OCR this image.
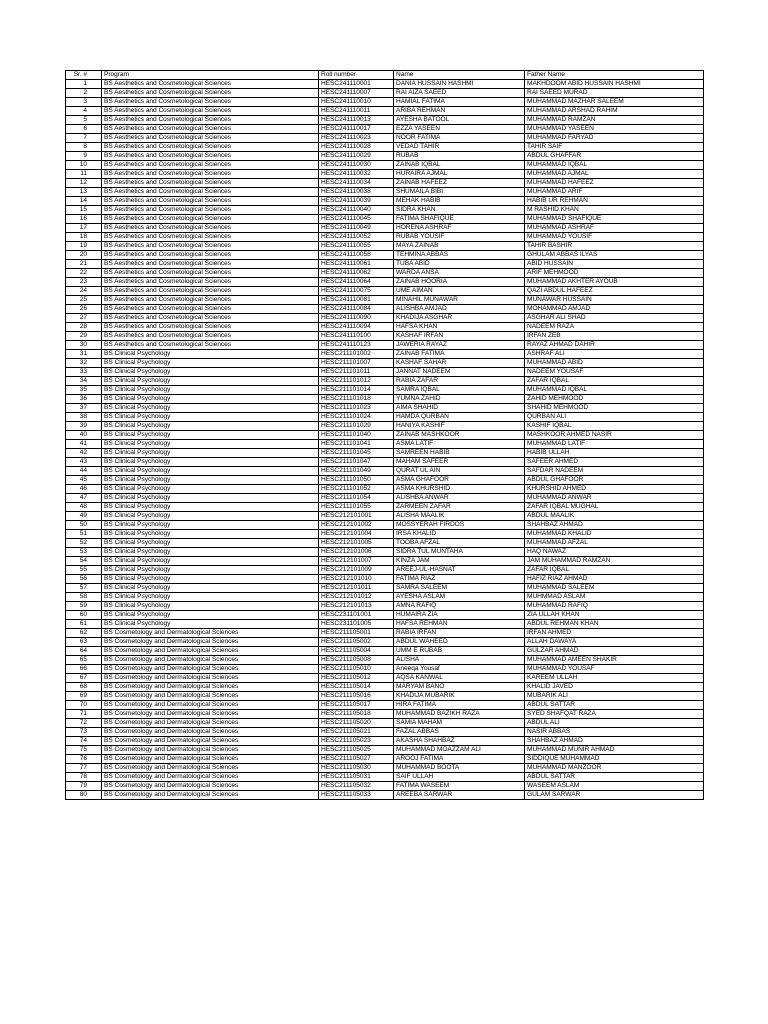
Sr. #	Program	Roll number	Name	Father Name
1	BS Aesthetics and Cosmetological Sciences	HESC241110001	DANIA HUSSAIN HASHMI	MAKHDOOM ABID HUSSAIN HASHMI
2	BS Aesthetics and Cosmetological Sciences	HESC241110007	RAI AIZA SAEED	RAI SAEED MURAD
3	BS Aesthetics and Cosmetological Sciences	HESC241110010	HAMIAL FATIMA	MUHAMMAD MAZHAR SALEEM
4	BS Aesthetics and Cosmetological Sciences	HESC241110011	ARIBA REHMAN	MUHAMMAD ARSHAD RAHIM
5	BS Aesthetics and Cosmetological Sciences	HESC241110013	AYESHA BATOOL	MUHAMMAD RAMZAN
6	BS Aesthetics and Cosmetological Sciences	HESC241110017	EZZA YASEEN	MUHAMMAD YASEEN
7	BS Aesthetics and Cosmetological Sciences	HESC241110023	NOOR FATIMA	MUHAMMAD FARYAD
8	BS Aesthetics and Cosmetological Sciences	HESC241110028	VEDAD TAHIR	TAHIR SAIF
9	BS Aesthetics and Cosmetological Sciences	HESC241110029	RUBAB	ABDUL GHAFFAR
10	BS Aesthetics and Cosmetological Sciences	HESC241110030	ZAINAB IQBAL	MUHAMMAD IQBAL
11	BS Aesthetics and Cosmetological Sciences	HESC241110032	HURAIRA AJMAL	MUHAMMAD AJMAL
12	BS Aesthetics and Cosmetological Sciences	HESC241110034	ZAINAB HAFEEZ	MUHAMMAD HAFEEZ
13	BS Aesthetics and Cosmetological Sciences	HESC241110038	SHUMAILA BIBI	MUHAMMAD ARIF
14	BS Aesthetics and Cosmetological Sciences	HESC241110039	MEHAK HABIB	HABIB UR REHMAN
15	BS Aesthetics and Cosmetological Sciences	HESC241110040	SIDRA KHAN	M RASHID KHAN
16	BS Aesthetics and Cosmetological Sciences	HESC241110045	FATIMA SHAFIQUE	MUHAMMAD SHAFIQUE
17	BS Aesthetics and Cosmetological Sciences	HESC241110049	HORENA ASHRAF	MUHAMMAD ASHRAF
18	BS Aesthetics and Cosmetological Sciences	HESC241110052	RUBAB YOUSIF	MUHAMMAD YOUSIF
19	BS Aesthetics and Cosmetological Sciences	HESC241110055	MAYA ZAINAB	TAHIR BASHIR
20	BS Aesthetics and Cosmetological Sciences	HESC241110058	TEHMINA ABBAS	GHULAM ABBAS ILYAS
21	BS Aesthetics and Cosmetological Sciences	HESC241110061	TUBA ABID	ABID HUSSAIN
22	BS Aesthetics and Cosmetological Sciences	HESC241110062	WARDA ANSA	ARIF MEHMOOD
23	BS Aesthetics and Cosmetological Sciences	HESC241110064	ZAINAB HOORIA	MUHAMMAD AKHTER AYOUB
24	BS Aesthetics and Cosmetological Sciences	HESC241110075	UME AIMAN	QAZI ABDUL HAFEEZ
25	BS Aesthetics and Cosmetological Sciences	HESC241110081	MINAHIL MUNAWAR	MUNAWAR HUSSAIN
26	BS Aesthetics and Cosmetological Sciences	HESC241110084	ALISHBA AMJAD	MOHAMMAD AMJAD
27	BS Aesthetics and Cosmetological Sciences	HESC241110090	KHADIJA ASGHAR	ASGHAR ALI SHAD
28	BS Aesthetics and Cosmetological Sciences	HESC241110094	HAFSA KHAN	NADEEM RAZA
29	BS Aesthetics and Cosmetological Sciences	HESC241110100	KASHAF IRFAN	IRFAN ZEB
30	BS Aesthetics and Cosmetological Sciences	HESC241110123	JAWERIA RAYAZ	RAYAZ AHMAD DAHIR
31	BS Clinical Psychology	HESC211101002	ZAINAB FATIMA	ASHRAF ALI
32	BS Clinical Psychology	HESC211101007	KASHAF SAHAR	MUHAMMAD ABID
33	BS Clinical Psychology	HESC211101011	JANNAT NADEEM	NADEEM YOUSAF
34	BS Clinical Psychology	HESC211101012	RABIA ZAFAR	ZAFAR IQBAL
35	BS Clinical Psychology	HESC211101014	SAMRA IQBAL	MUHAMMAD IQBAL
36	BS Clinical Psychology	HESC211101018	YUMNA ZAHID	ZAHID MEHMOOD
37	BS Clinical Psychology	HESC211101023	AIMA SHAHID	SHAHID MEHMOOD
38	BS Clinical Psychology	HESC211101024	HAMDA QURBAN	QURBAN ALI
39	BS Clinical Psychology	HESC211101029	HANIYA KASHIF	KASHIF IQBAL
40	BS Clinical Psychology	HESC211101040	ZAINAB MASHKOOR	MASHKOOR AHMED NASIR
41	BS Clinical Psychology	HESC211101041	ASMA LATIF	MUHAMMAD LATIF
42	BS Clinical Psychology	HESC211101045	SAMREEN HABIB	HABIB ULLAH
43	BS Clinical Psychology	HESC211101047	MAHAM SAFEER	SAFEER AHMED
44	BS Clinical Psychology	HESC211101049	QURAT UL AIN	SAFDAR NADEEM
45	BS Clinical Psychology	HESC211101050	ASMA GHAFOOR	ABDUL GHAFOOR
46	BS Clinical Psychology	HESC211101052	ASMA KHURSHID	KHURSHID AHMED
47	BS Clinical Psychology	HESC211101054	ALISHBA ANWAR	MUHAMMAD ANWAR
48	BS Clinical Psychology	HESC211101055	ZARMEEN ZAFAR	ZAFAR IQBAL MUGHAL
49	BS Clinical Psychology	HESC212101001	ALISHA MAALIK	ABDUL MAALIK
50	BS Clinical Psychology	HESC212101002	MOSSYERAH FIRDOS	SHAHBAZ AHMAD
51	BS Clinical Psychology	HESC212101004	IRSA KHALID	MUHAMMAD KHALID
52	BS Clinical Psychology	HESC212101005	TOOBA AFZAL	MUHAMMAD AFZAL
53	BS Clinical Psychology	HESC212101006	SIDRA TUL MUNTAHA	HAQ NAWAZ
54	BS Clinical Psychology	HESC212101007	KINZA JAM	JAM MUHAMMAD RAMZAN
55	BS Clinical Psychology	HESC212101009	AREEJ-UL-HASNAT	ZAFAR IQBAL
56	BS Clinical Psychology	HESC212101010	FATIMA RIAZ	HAFIZ RIAZ AHMAD
57	BS Clinical Psychology	HESC212101011	SAMRA SALEEM	MUHAMMAD SALEEM
58	BS Clinical Psychology	HESC212101012	AYESHA ASLAM	MUHMMAD ASLAM
59	BS Clinical Psychology	HESC212101013	AMNA RAFIQ	MUHAMMAD RAFIQ
60	BS Clinical Psychology	HESC231101001	HUMAIRA ZIA	ZIA ULLAH KHAN
61	BS Clinical Psychology	HESC231101005	HAFSA REHMAN	ABDUL REHMAN KHAN
62	BS Cosmetology and Dermatological Sciences	HESC211105001	RABIA IRFAN	IRFAN AHMED
63	BS Cosmetology and Dermatological Sciences	HESC211105002	ABDUL WAHEED	ALLAH DAWAYA
64	BS Cosmetology and Dermatological Sciences	HESC211105004	UMM E RUBAB	GULZAR AHMAD
65	BS Cosmetology and Dermatological Sciences	HESC211105008	ALISHA	MUHAMMAD AMEEN SHAKIR
66	BS Cosmetology and Dermatological Sciences	HESC211105010	Aneeqa Yousaf	MUHAMMAD YOUSAF
67	BS Cosmetology and Dermatological Sciences	HESC211105012	AQSA KANWAL	KAREEM ULLAH
68	BS Cosmetology and Dermatological Sciences	HESC211105014	MARYAM BANO	KHALID JAVED
69	BS Cosmetology and Dermatological Sciences	HESC211105016	KHADIJA MUBARIK	MUBARIK ALI
70	BS Cosmetology and Dermatological Sciences	HESC211105017	HIRA FATIMA	ABDUL SATTAR
71	BS Cosmetology and Dermatological Sciences	HESC211105018	MUHAMMAD BAZIKH RAZA	SYED SHAFQAT RAZA
72	BS Cosmetology and Dermatological Sciences	HESC211105020	SAMIA MAHAM	ABDUL ALI
73	BS Cosmetology and Dermatological Sciences	HESC211105021	FAZAL ABBAS	NASIR ABBAS
74	BS Cosmetology and Dermatological Sciences	HESC211105023	AKASHA SHAHBAZ	SHAHBAZ AHMAD
75	BS Cosmetology and Dermatological Sciences	HESC211105025	MUHAMMAD MOAZZAM ALI	MUHAMMAD MUNIR AHMAD
76	BS Cosmetology and Dermatological Sciences	HESC211105027	AROOJ FATIMA	SIDDIQUE MUHAMMAD
77	BS Cosmetology and Dermatological Sciences	HESC211105030	MUHAMMAD BOOTA	MUHAMMAD MANZOOR
78	BS Cosmetology and Dermatological Sciences	HESC211105031	SAIF ULLAH	ABDUL SATTAR
79	BS Cosmetology and Dermatological Sciences	HESC211105032	FATIMA WASEEM	WASEEM ASLAM
80	BS Cosmetology and Dermatological Sciences	HESC211105033	AREEBA SARWAR	GULAM SARWAR
